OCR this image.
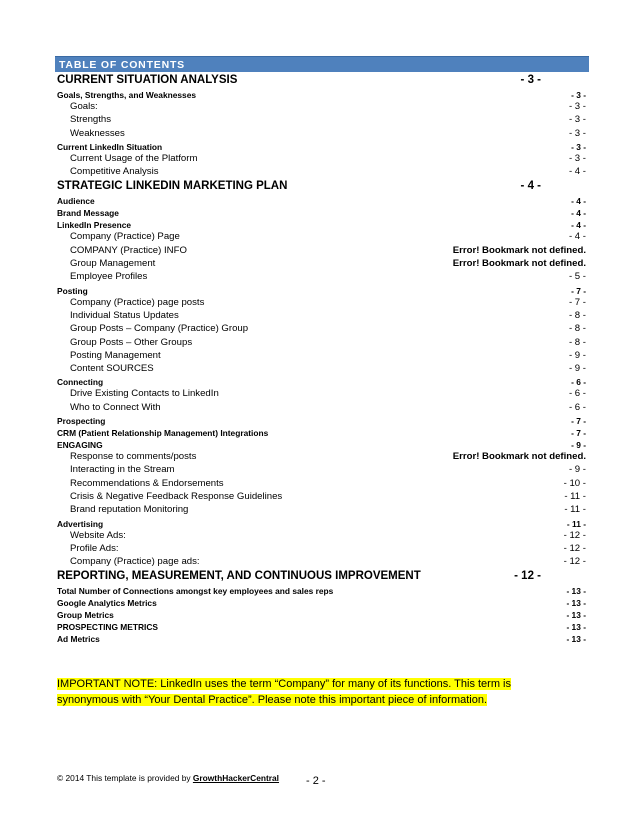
TABLE OF CONTENTS
CURRENT SITUATION ANALYSIS	- 3 -
Goals, Strengths, and Weaknesses	- 3 -
Goals:	- 3 -
Strengths	- 3 -
Weaknesses	- 3 -
Current LinkedIn Situation	- 3 -
Current Usage of the Platform	- 3 -
Competitive Analysis	- 4 -
STRATEGIC LINKEDIN MARKETING PLAN	- 4 -
Audience	- 4 -
Brand Message	- 4 -
LinkedIn Presence	- 4 -
Company (Practice) Page	- 4 -
COMPANY (Practice) INFO	Error! Bookmark not defined.
Group Management	Error! Bookmark not defined.
Employee Profiles	- 5 -
Posting	- 7 -
Company (Practice) page posts	- 7 -
Individual Status Updates	- 8 -
Group Posts – Company (Practice) Group	- 8 -
Group Posts – Other Groups	- 8 -
Posting Management	- 9 -
Content SOURCES	- 9 -
Connecting	- 6 -
Drive Existing Contacts to LinkedIn	- 6 -
Who to Connect With	- 6 -
Prospecting	- 7 -
CRM (Patient Relationship Management) Integrations	- 7 -
ENGAGING	- 9 -
Response to comments/posts	Error! Bookmark not defined.
Interacting in the Stream	- 9 -
Recommendations & Endorsements	- 10 -
Crisis & Negative Feedback Response Guidelines	- 11 -
Brand reputation Monitoring	- 11 -
Advertising	- 11 -
Website Ads:	- 12 -
Profile Ads:	- 12 -
Company (Practice) page ads:	- 12 -
REPORTING, MEASUREMENT, AND CONTINUOUS IMPROVEMENT	- 12 -
Total Number of Connections amongst key employees and sales reps	- 13 -
Google Analytics Metrics	- 13 -
Group Metrics	- 13 -
PROSPECTING METRICS	- 13 -
Ad Metrics	- 13 -
IMPORTANT NOTE: LinkedIn uses the term “Company” for many of its functions. This term is
synonymous with “Your Dental Practice”. Please note this important piece of information.
© 2014 This template is provided by GrowthHackerCentral - 2 -
